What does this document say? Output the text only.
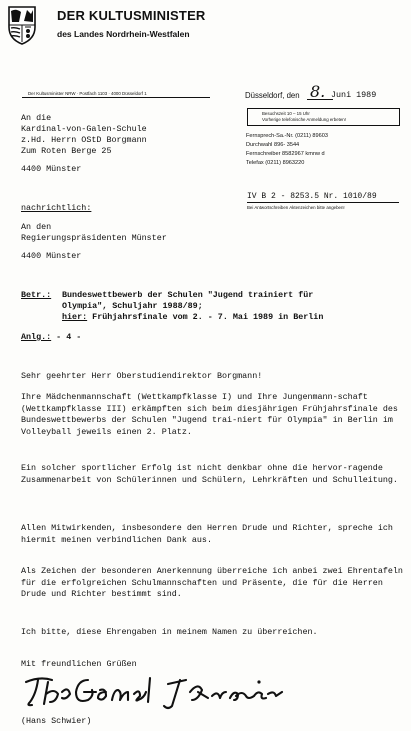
DER KULTUSMINISTER
des Landes Nordrhein-Westfalen
Der Kultusminister NRW · Postfach 1103 · 4000 Düsseldorf 1	Düsseldorf, den 8. Juni 1989
Besuchszeit 10 – 15 Uhr
Vorherige telefonische Anmeldung erbeten!
Fernsprech-Sa.-Nr. (0211) 89603
Durchwahl 896- 3544
Fernschreiber 8582967 kmnw d
Telefax (0211) 8963220
IV B 2 - 8253.5 Nr. 1010/89
Bei Antwortschreiben Aktenzeichen bitte angeben!
An die
Kardinal-von-Galen-Schule
z.Hd. Herrn OStD Borgmann
Zum Roten Berge 25
4400 Münster
nachrichtlich:
An den
Regierungspräsidenten Münster
4400 Münster
Betr.: Bundeswettbewerb der Schulen "Jugend trainiert für
Olympia", Schuljahr 1988/89;
hier: Frühjahrsfinale vom 2. - 7. Mai 1989 in Berlin
Anlg.: - 4 -
Sehr geehrter Herr Oberstudiendirektor Borgmann!
Ihre Mädchenmannschaft (Wettkampfklasse I) und Ihre Jungenmann-schaft (Wettkampfklasse III) erkämpften sich beim diesjährigen Frühjahrsfinale des Bundeswettbewerbs der Schulen "Jugend trai-niert für Olympia" in Berlin im Volleyball jeweils einen 2. Platz.
Ein solcher sportlicher Erfolg ist nicht denkbar ohne die hervor-ragende Zusammenarbeit von Schülerinnen und Schülern, Lehrkräften und Schulleitung.
Allen Mitwirkenden, insbesondere den Herren Drude und Richter, spreche ich hiermit meinen verbindlichen Dank aus.
Als Zeichen der besonderen Anerkennung überreiche ich anbei zwei Ehrentafeln für die erfolgreichen Schulmannschaften und Präsente, die für die Herren Drude und Richter bestimmt sind.
Ich bitte, diese Ehrengaben in meinem Namen zu überreichen.
Mit freundlichen Grüßen
(Hans Schwier)
